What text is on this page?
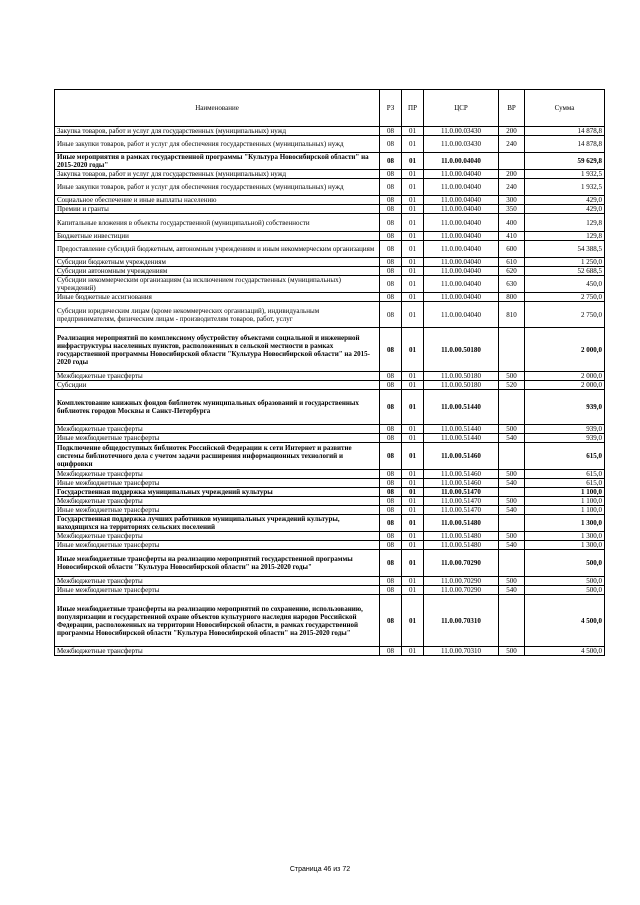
Наименование	РЗ	ПР	ЦСР	ВР	Сумма
Закупка товаров, работ и услуг для государственных (муниципальных) нужд	08	01	11.0.00.03430	200	14 878,8
Иные закупки товаров, работ и услуг для обеспечения государственных (муниципальных) нужд	08	01	11.0.00.03430	240	14 878,8
Иные мероприятия в рамках государственной программы "Культура Новосибирской области" на 2015-2020 годы"	08	01	11.0.00.04040		59 629,8
Закупка товаров, работ и услуг для государственных (муниципальных) нужд	08	01	11.0.00.04040	200	1 932,5
Иные закупки товаров, работ и услуг для обеспечения государственных (муниципальных) нужд	08	01	11.0.00.04040	240	1 932,5
Социальное обеспечение и иные выплаты населению	08	01	11.0.00.04040	300	429,0
Премии и гранты	08	01	11.0.00.04040	350	429,0
Капитальные вложения в объекты государственной (муниципальной) собственности	08	01	11.0.00.04040	400	129,8
Бюджетные инвестиции	08	01	11.0.00.04040	410	129,8
Предоставление субсидий бюджетным, автономным учреждениям и иным некоммерческим организациям	08	01	11.0.00.04040	600	54 388,5
Субсидии бюджетным учреждениям	08	01	11.0.00.04040	610	1 250,0
Субсидии автономным учреждениям	08	01	11.0.00.04040	620	52 688,5
Субсидии некоммерческим организациям (за исключением государственных (муниципальных) учреждений)	08	01	11.0.00.04040	630	450,0
Иные бюджетные ассигнования	08	01	11.0.00.04040	800	2 750,0
Субсидии юридическим лицам (кроме некоммерческих организаций), индивидуальным предпринимателям, физическим лицам - производителям товаров, работ, услуг	08	01	11.0.00.04040	810	2 750,0
Реализация мероприятий по комплексному обустройству объектами социальной и инженерной инфраструктуры населенных пунктов, расположенных в сельской местности в рамках государственной программы Новосибирской области "Культура Новосибирской области" на 2015-2020 годы	08	01	11.0.00.50180		2 000,0
Межбюджетные трансферты	08	01	11.0.00.50180	500	2 000,0
Субсидии	08	01	11.0.00.50180	520	2 000,0
Комплектование книжных фондов библиотек муниципальных образований и государственных библиотек городов Москвы и Санкт-Петербурга	08	01	11.0.00.51440		939,0
Межбюджетные трансферты	08	01	11.0.00.51440	500	939,0
Иные межбюджетные трансферты	08	01	11.0.00.51440	540	939,0
Подключение общедоступных библиотек Российской Федерации к сети Интернет и развитие системы библиотечного дела с учетом задачи расширения информационных технологий и оцифровки	08	01	11.0.00.51460		615,0
Межбюджетные трансферты	08	01	11.0.00.51460	500	615,0
Иные межбюджетные трансферты	08	01	11.0.00.51460	540	615,0
Государственная поддержка муниципальных учреждений культуры	08	01	11.0.00.51470		1 100,0
Межбюджетные трансферты	08	01	11.0.00.51470	500	1 100,0
Иные межбюджетные трансферты	08	01	11.0.00.51470	540	1 100,0
Государственная поддержка лучших работников муниципальных учреждений культуры, находящихся на территориях сельских поселений	08	01	11.0.00.51480		1 300,0
Межбюджетные трансферты	08	01	11.0.00.51480	500	1 300,0
Иные межбюджетные трансферты	08	01	11.0.00.51480	540	1 300,0
Иные межбюджетные трансферты на реализацию мероприятий государственной программы Новосибирской области "Культура Новосибирской области" на 2015-2020 годы"	08	01	11.0.00.70290		500,0
Межбюджетные трансферты	08	01	11.0.00.70290	500	500,0
Иные межбюджетные трансферты	08	01	11.0.00.70290	540	500,0
Иные межбюджетные трансферты на реализацию мероприятий по сохранению, использованию, популяризации и государственной охране объектов культурного наследия народов Российской Федерации, расположенных на территории Новосибирской области, в рамках государственной программы Новосибирской области "Культура Новосибирской области" на 2015-2020 годы"	08	01	11.0.00.70310		4 500,0
Межбюджетные трансферты	08	01	11.0.00.70310	500	4 500,0
Страница 46 из 72
